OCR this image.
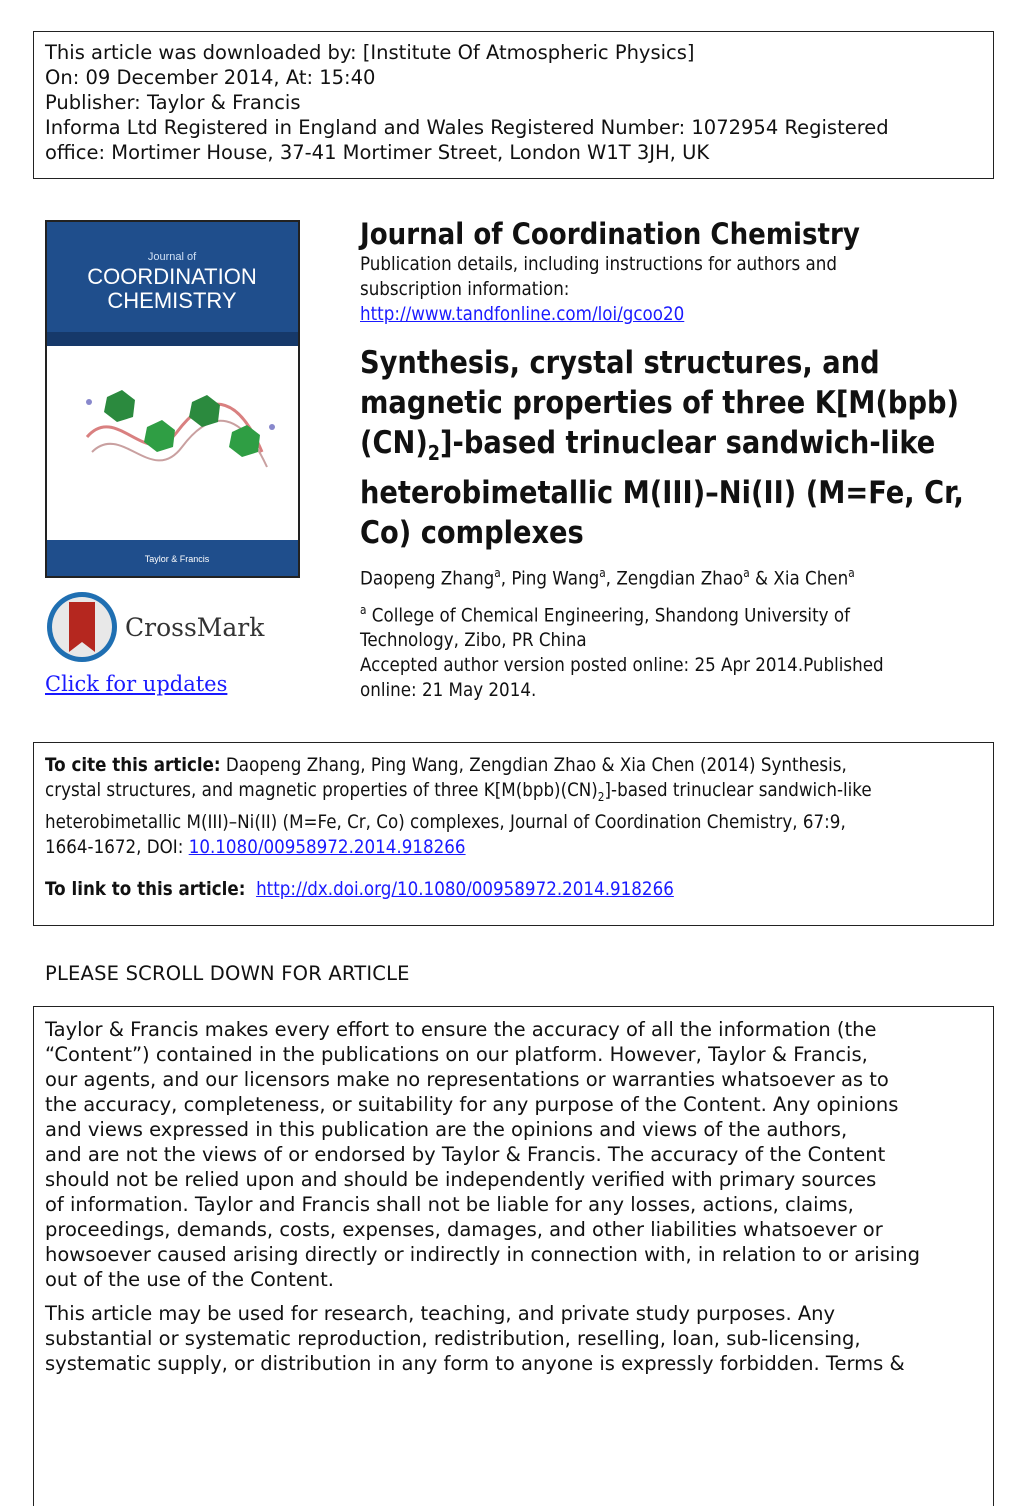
This article was downloaded by: [Institute Of Atmospheric Physics]
On: 09 December 2014, At: 15:40
Publisher: Taylor & Francis
Informa Ltd Registered in England and Wales Registered Number: 1072954 Registered
office: Mortimer House, 37-41 Mortimer Street, London W1T 3JH, UK
Journal of
COORDINATION
CHEMISTRY
Taylor & Francis
CrossMark
Click for updates
Journal of Coordination Chemistry
Publication details, including instructions for authors and
subscription information:
http://www.tandfonline.com/loi/gcoo20
Synthesis, crystal structures, and
magnetic properties of three K[M(bpb)
$(CN)_2$]-based trinuclear sandwich-like
heterobimetallic M(III)–Ni(II) (M=Fe, Cr,
Co) complexes
Daopeng Zhang$^a$, Ping Wang$^a$, Zengdian Zhao$^a$ & Xia Chen$^a$
$^a$ College of Chemical Engineering, Shandong University of
Technology, Zibo, PR China
Accepted author version posted online: 25 Apr 2014.Published
online: 21 May 2014.
To cite this article: Daopeng Zhang, Ping Wang, Zengdian Zhao & Xia Chen (2014) Synthesis,
crystal structures, and magnetic properties of three $K[M(bpb)(CN)_2]$-based trinuclear sandwich-like
heterobimetallic M(III)–Ni(II) (M=Fe, Cr, Co) complexes, Journal of Coordination Chemistry, 67:9,
1664-1672, DOI: 10.1080/00958972.2014.918266
To link to this article: http://dx.doi.org/10.1080/00958972.2014.918266
PLEASE SCROLL DOWN FOR ARTICLE

Taylor & Francis makes every effort to ensure the accuracy of all the information (the
“Content”) contained in the publications on our platform. However, Taylor & Francis,
our agents, and our licensors make no representations or warranties whatsoever as to
the accuracy, completeness, or suitability for any purpose of the Content. Any opinions
and views expressed in this publication are the opinions and views of the authors,
and are not the views of or endorsed by Taylor & Francis. The accuracy of the Content
should not be relied upon and should be independently verified with primary sources
of information. Taylor and Francis shall not be liable for any losses, actions, claims,
proceedings, demands, costs, expenses, damages, and other liabilities whatsoever or
howsoever caused arising directly or indirectly in connection with, in relation to or arising
out of the use of the Content.

This article may be used for research, teaching, and private study purposes. Any
substantial or systematic reproduction, redistribution, reselling, loan, sub-licensing,
systematic supply, or distribution in any form to anyone is expressly forbidden. Terms &
